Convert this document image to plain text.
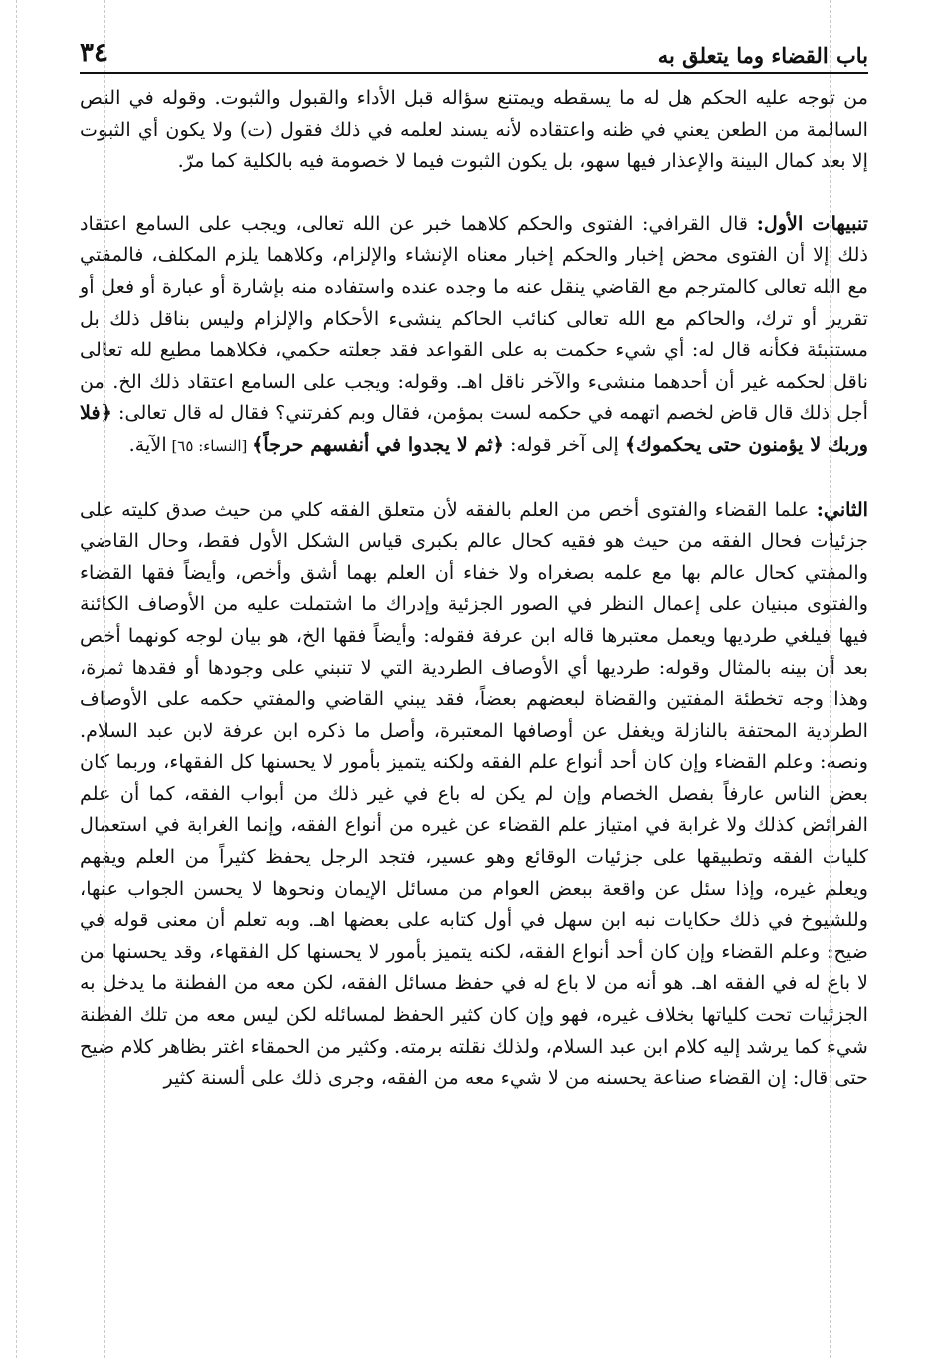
باب القضاء وما يتعلق به
٣٤

من توجه عليه الحكم هل له ما يسقطه ويمتنع سؤاله قبل الأداء والقبول والثبوت. وقوله في النص السالمة من الطعن يعني في ظنه واعتقاده لأنه يسند لعلمه في ذلك فقول (ت) ولا يكون أي الثبوت إلا بعد كمال البينة والإعذار فيها سهو، بل يكون الثبوت فيما لا خصومة فيه بالكلية كما مرّ.

تنبيهات الأول: قال القرافي: الفتوى والحكم كلاهما خبر عن الله تعالى، ويجب على السامع اعتقاد ذلك إلا أن الفتوى محض إخبار والحكم إخبار معناه الإنشاء والإلزام، وكلاهما يلزم المكلف، فالمفتي مع الله تعالى كالمترجم مع القاضي ينقل عنه ما وجده عنده واستفاده منه بإشارة أو عبارة أو فعل أو تقرير أو ترك، والحاكم مع الله تعالى كنائب الحاكم ينشىء الأحكام والإلزام وليس بناقل ذلك بل مستنبئة فكأنه قال له: أي شيء حكمت به على القواعد فقد جعلته حكمي، فكلاهما مطيع لله تعالى ناقل لحكمه غير أن أحدهما منشىء والآخر ناقل اهـ. وقوله: ويجب على السامع اعتقاد ذلك الخ. من أجل ذلك قال قاض لخصم اتهمه في حكمه لست بمؤمن، فقال وبم كفرتني؟ فقال له قال تعالى: ﴿فلا وربك لا يؤمنون حتى يحكموك﴾ إلى آخر قوله: ﴿ثم لا يجدوا في أنفسهم حرجاً﴾ [النساء: ٦٥] الآية.

الثاني: علما القضاء والفتوى أخص من العلم بالفقه لأن متعلق الفقه كلي من حيث صدق كليته على جزئيات فحال الفقه من حيث هو فقيه كحال عالم بكبرى قياس الشكل الأول فقط، وحال القاضي والمفتي كحال عالم بها مع علمه بصغراه ولا خفاء أن العلم بهما أشق وأخص، وأيضاً فقها القضاء والفتوى مبنيان على إعمال النظر في الصور الجزئية وإدراك ما اشتملت عليه من الأوصاف الكائنة فيها فيلغي طرديها ويعمل معتبرها قاله ابن عرفة فقوله: وأيضاً فقها الخ، هو بيان لوجه كونهما أخص بعد أن بينه بالمثال وقوله: طرديها أي الأوصاف الطردية التي لا تنبني على وجودها أو فقدها ثمرة، وهذا وجه تخطئة المفتين والقضاة لبعضهم بعضاً، فقد يبني القاضي والمفتي حكمه على الأوصاف الطردية المحتفة بالنازلة ويغفل عن أوصافها المعتبرة، وأصل ما ذكره ابن عرفة لابن عبد السلام. ونصه: وعلم القضاء وإن كان أحد أنواع علم الفقه ولكنه يتميز بأمور لا يحسنها كل الفقهاء، وربما كان بعض الناس عارفاً بفصل الخصام وإن لم يكن له باع في غير ذلك من أبواب الفقه، كما أن علم الفرائض كذلك ولا غرابة في امتياز علم القضاء عن غيره من أنواع الفقه، وإنما الغرابة في استعمال كليات الفقه وتطبيقها على جزئيات الوقائع وهو عسير، فتجد الرجل يحفظ كثيراً من العلم ويفهم ويعلم غيره، وإذا سئل عن واقعة ببعض العوام من مسائل الإيمان ونحوها لا يحسن الجواب عنها، وللشيوخ في ذلك حكايات نبه ابن سهل في أول كتابه على بعضها اهـ. وبه تعلم أن معنى قوله في ضيح: وعلم القضاء وإن كان أحد أنواع الفقه، لكنه يتميز بأمور لا يحسنها كل الفقهاء، وقد يحسنها من لا باع له في الفقه اهـ. هو أنه من لا باع له في حفظ مسائل الفقه، لكن معه من الفطنة ما يدخل به الجزئيات تحت كلياتها بخلاف غيره، فهو وإن كان كثير الحفظ لمسائله لكن ليس معه من تلك الفطنة شيء كما يرشد إليه كلام ابن عبد السلام، ولذلك نقلته برمته. وكثير من الحمقاء اغتر بظاهر كلام ضيح حتى قال: إن القضاء صناعة يحسنه من لا شيء معه من الفقه، وجرى ذلك على ألسنة كثير
